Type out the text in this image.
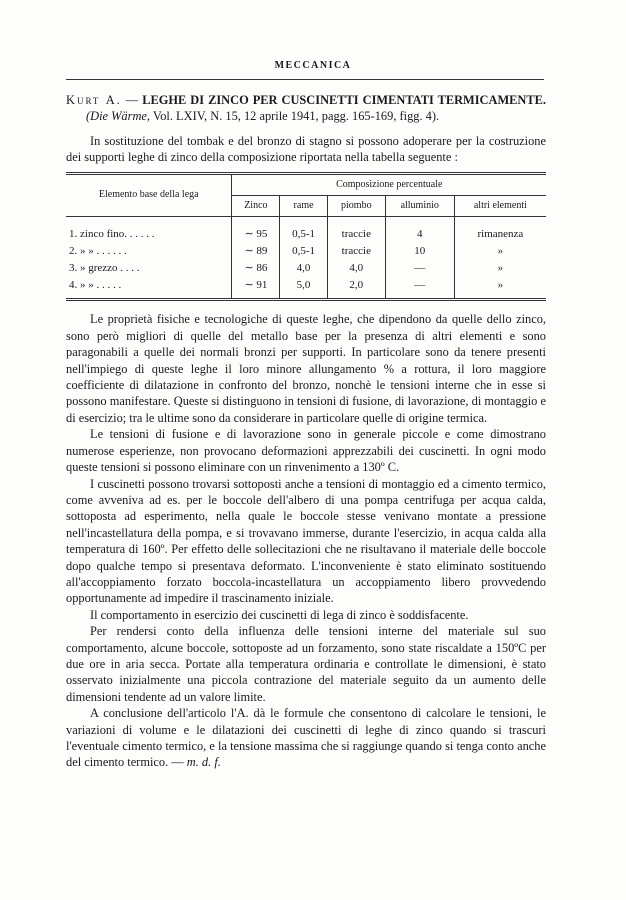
MECCANICA

Kurt A. — LEGHE DI ZINCO PER CUSCINETTI CIMENTATI TERMICAMENTE. (Die Wärme, Vol. LXIV, N. 15, 12 aprile 1941, pagg. 165-169, figg. 4).

In sostituzione del tombak e del bronzo di stagno si possono adoperare per la costruzione dei supporti leghe di zinco della composizione riportata nella tabella seguente :

Elemento base della lega	Composizione percentuale				
	Zinco	rame	piombo	alluminio	altri elementi
1. zinco fino. . . . . .	∼ 95	0,5-1	traccie	4	rimanenza
2. » » . . . . . .	∼ 89	0,5-1	traccie	10	»
3. » grezzo . . . .	∼ 86	4,0	4,0	—	»
4. » » . . . . .	∼ 91	5,0	2,0	—	»

Le proprietà fisiche e tecnologiche di queste leghe, che dipendono da quelle dello zinco, sono però migliori di quelle del metallo base per la presenza di altri elementi e sono paragonabili a quelle dei normali bronzi per supporti. In particolare sono da tenere presenti nell'impiego di queste leghe il loro minore allungamento % a rottura, il loro maggiore coefficiente di dilatazione in confronto del bronzo, nonchè le tensioni interne che in esse si possono manifestare. Queste si distinguono in tensioni di fusione, di lavorazione, di montaggio e di esercizio; tra le ultime sono da considerare in particolare quelle di origine termica.

Le tensioni di fusione e di lavorazione sono in generale piccole e come dimostrano numerose esperienze, non provocano deformazioni apprezzabili dei cuscinetti. In ogni modo queste tensioni si possono eliminare con un rinvenimento a 130º C.

I cuscinetti possono trovarsi sottoposti anche a tensioni di montaggio ed a cimento termico, come avveniva ad es. per le boccole dell'albero di una pompa centrifuga per acqua calda, sottoposta ad esperimento, nella quale le boccole stesse venivano montate a pressione nell'incastellatura della pompa, e si trovavano immerse, durante l'esercizio, in acqua calda alla temperatura di 160º. Per effetto delle sollecitazioni che ne risultavano il materiale delle boccole dopo qualche tempo si presentava deformato. L'inconveniente è stato eliminato sostituendo all'accoppiamento forzato boccola-incastellatura un accoppiamento libero provvedendo opportunamente ad impedire il trascinamento iniziale.

Il comportamento in esercizio dei cuscinetti di lega di zinco è soddisfacente.

Per rendersi conto della influenza delle tensioni interne del materiale sul suo comportamento, alcune boccole, sottoposte ad un forzamento, sono state riscaldate a 150ºC per due ore in aria secca. Portate alla temperatura ordinaria e controllate le dimensioni, è stato osservato inizialmente una piccola contrazione del materiale seguito da un aumento delle dimensioni tendente ad un valore limite.

A conclusione dell'articolo l'A. dà le formule che consentono di calcolare le tensioni, le variazioni di volume e le dilatazioni dei cuscinetti di leghe di zinco quando si trascuri l'eventuale cimento termico, e la tensione massima che si raggiunge quando si tenga conto anche del cimento termico. — m. d. f.
